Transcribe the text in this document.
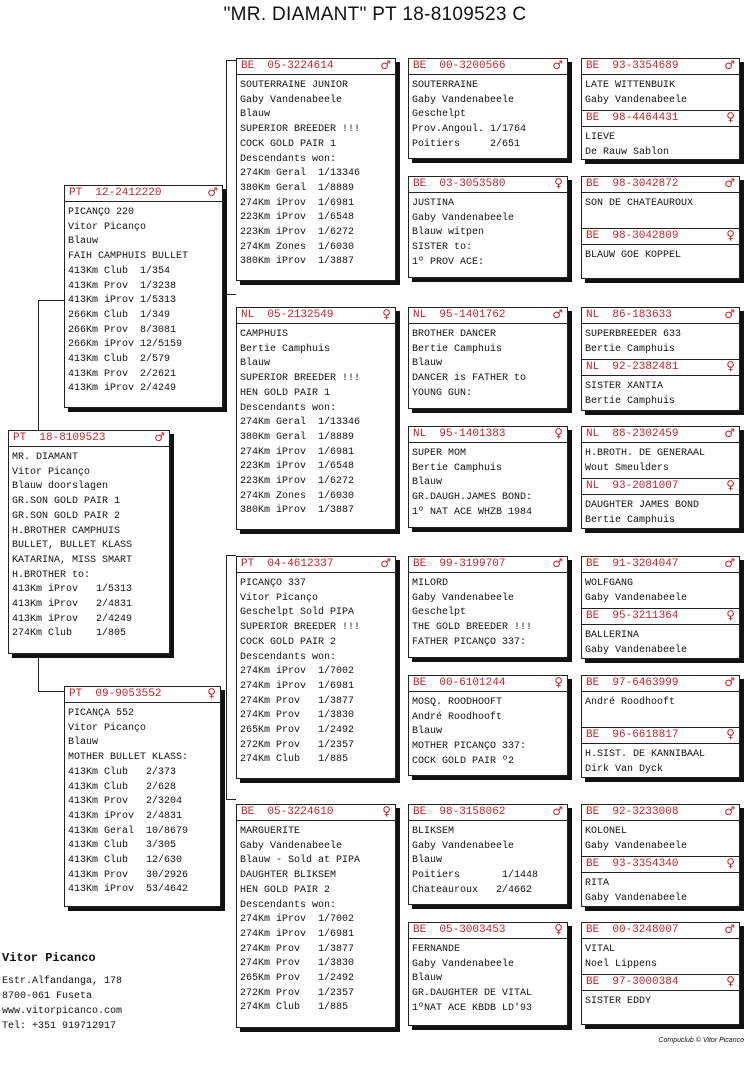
"MR. DIAMANT" PT 18-8109523 C
PT  18-8109523	♂
MR. DIAMANT
Vitor Picanço
Blauw doorslagen
GR.SON GOLD PAIR 1
GR.SON GOLD PAIR 2
H.BROTHER CAMPHUIS
BULLET, BULLET KLASS
KATARINA, MISS SMART
H.BROTHER to:
413Km iProv   1/5313
413Km iProv   2/4831
413Km iProv   2/4249
274Km Club    1/805
PT  12-2412220	♂
PICANÇO 220
Vitor Picanço
Blauw
FAIH CAMPHUIS BULLET
413Km Club  1/354
413Km Prov  1/3238
413Km iProv 1/5313
266Km Club  1/349
266Km Prov  8/3081
266Km iProv 12/5159
413Km Club  2/579
413Km Prov  2/2621
413Km iProv 2/4249
PT  09-9053552	♀
PICANÇA 552
Vitor Picanço
Blauw
MOTHER BULLET KLASS:
413Km Club   2/373
413Km Club   2/628
413Km Prov   2/3204
413Km iProv  2/4831
413Km Geral  10/8679
413Km Club   3/305
413Km Club   12/630
413Km Prov   30/2926
413Km iProv  53/4642
BE  05-3224614	♂
SOUTERRAINE JUNIOR
Gaby Vandenabeele
Blauw
SUPERIOR BREEDER !!!
COCK GOLD PAIR 1
Descendants won:
274Km Geral  1/13346
380Km Geral  1/8889
274Km iProv  1/6981
223Km iProv  1/6548
223Km iProv  1/6272
274Km Zones  1/6030
380Km iProv  1/3887
NL  05-2132549	♀
CAMPHUIS
Bertie Camphuis
Blauw
SUPERIOR BREEDER !!!
HEN GOLD PAIR 1
Descendants won:
274Km Geral  1/13346
380Km Geral  1/8889
274Km iProv  1/6981
223Km iProv  1/6548
223Km iProv  1/6272
274Km Zones  1/6030
380Km iProv  1/3887
PT  04-4612337	♂
PICANÇO 337
Vitor Picanço
Geschelpt Sold PIPA
SUPERIOR BREEDER !!!
COCK GOLD PAIR 2
Descendants won:
274Km iProv  1/7002
274Km iProv  1/6981
274Km Prov   1/3877
274Km Prov   1/3830
265Km Prov   1/2492
272Km Prov   1/2357
274Km Club   1/885
BE  05-3224610	♀
MARGUERITE
Gaby Vandenabeele
Blauw - Sold at PIPA
DAUGHTER BLIKSEM
HEN GOLD PAIR 2
Descendants won:
274Km iProv  1/7002
274Km iProv  1/6981
274Km Prov   1/3877
274Km Prov   1/3830
265Km Prov   1/2492
272Km Prov   1/2357
274Km Club   1/885
BE  00-3200566	♂
SOUTERRAINE
Gaby Vandenabeele
Geschelpt
Prov.Angoul. 1/1764
Poitiers     2/651
BE  03-3053580	♀
JUSTINA
Gaby Vandenabeele
Blauw witpen
SISTER to:
1º PROV ACE:
NL  95-1401762	♂
BROTHER DANCER
Bertie Camphuis
Blauw
DANCER is FATHER to
YOUNG GUN:
NL  95-1401383	♀
SUPER MOM
Bertie Camphuis
Blauw
GR.DAUGH.JAMES BOND:
1º NAT ACE WHZB 1984
BE  99-3199707	♂
MILORD
Gaby Vandenabeele
Geschelpt
THE GOLD BREEDER !!!
FATHER PICANÇO 337:
BE  00-6101244	♀
MOSQ. ROODHOOFT
André Roodhooft
Blauw
MOTHER PICANÇO 337:
COCK GOLD PAIR º2
BE  98-3158062	♂
BLIKSEM
Gaby Vandenabeele
Blauw
Poitiers       1/1448
Chateauroux   2/4662
BE  05-3003453	♀
FERNANDE
Gaby Vandenabeele
Blauw
GR.DAUGHTER DE VITAL
1ºNAT ACE KBDB LD'93
BE  93-3354689	♂
LATE WITTENBUIK
Gaby Vandenabeele
BE  98-4464431	♀
LIEVE
De Rauw Sablon
BE  98-3042872	♂
SON DE CHATEAUROUX
BE  98-3042809	♀
BLAUW GOE KOPPEL
NL  86-183633	♂
SUPERBREEDER 633
Bertie Camphuis
NL  92-2382481	♀
SISTER XANTIA
Bertie Camphuis
NL  88-2302459	♂
H.BROTH. DE GENERAAL
Wout Smeulders
NL  93-2081007	♀
DAUGHTER JAMES BOND
Bertie Camphuis
BE  91-3204047	♂
WOLFGANG
Gaby Vandenabeele
BE  95-3211364	♀
BALLERINA
Gaby Vandenabeele
BE  97-6463999	♂
André Roodhooft
BE  96-6618817	♀
H.SIST. DE KANNIBAAL
Dirk Van Dyck
BE  92-3233008	♂
KOLONEL
Gaby Vandenabeele
BE  93-3354340	♀
RITA
Gaby Vandenabeele
BE  00-3248007	♂
VITAL
Noel Lippens
BE  97-3000384	♀
SISTER EDDY
Vitor Picanco
Estr.Alfandanga, 178
8700-061 Fuseta
www.vitorpicanco.com
Tel: +351 919712917
Compuclub © Vitor Picanco
